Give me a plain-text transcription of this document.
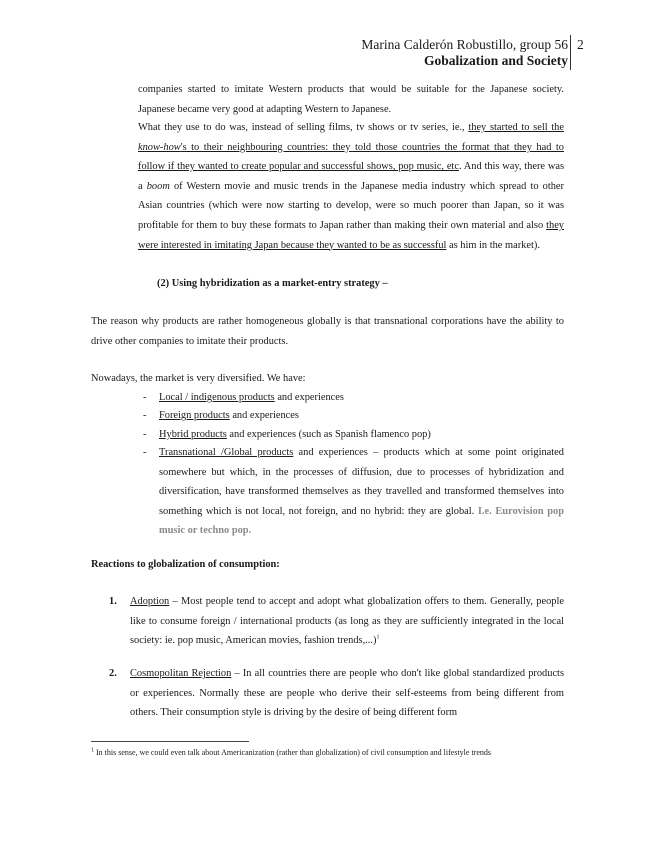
Marina Calderón Robustillo, group 56
Gobalization and Society
2
companies started to imitate Western products that would be suitable for the Japanese society. Japanese became very good at adapting Western to Japanese.
What they use to do was, instead of selling films, tv shows or tv series, ie., they started to sell the know-how's to their neighbouring countries: they told those countries the format that they had to follow if they wanted to create popular and successful shows, pop music, etc. And this way, there was a boom of Western movie and music trends in the Japanese media industry which spread to other Asian countries (which were now starting to develop, were so much poorer than Japan, so it was profitable for them to buy these formats to Japan rather than making their own material and also they were interested in imitating Japan because they wanted to be as successful as him in the market).
(2) Using hybridization as a market-entry strategy –
The reason why products are rather homogeneous globally is that transnational corporations have the ability to drive other companies to imitate their products.
Nowadays, the market is very diversified. We have:
- Local / indigenous products and experiences
- Foreign products and experiences
- Hybrid products and experiences (such as Spanish flamenco pop)
- Transnational /Global products and experiences – products which at some point originated somewhere but which, in the processes of diffusion, due to processes of hybridization and diversification, have transformed themselves as they travelled and transformed themselves into something which is not local, not foreign, and no hybrid: they are global. I.e. Eurovision pop music or techno pop.
Reactions to globalization of consumption:
1. Adoption – Most people tend to accept and adopt what globalization offers to them. Generally, people like to consume foreign / international products (as long as they are sufficiently integrated in the local society: ie. pop music, American movies, fashion trends,...)$^1$
2. Cosmopolitan Rejection – In all countries there are people who don't like global standardized products or experiences. Normally these are people who derive their self-esteems from being different from others. Their consumption style is driving by the desire of being different form
$^1$ In this sense, we could even talk about Americanization (rather than globalization) of civil consumption and lifestyle trends
